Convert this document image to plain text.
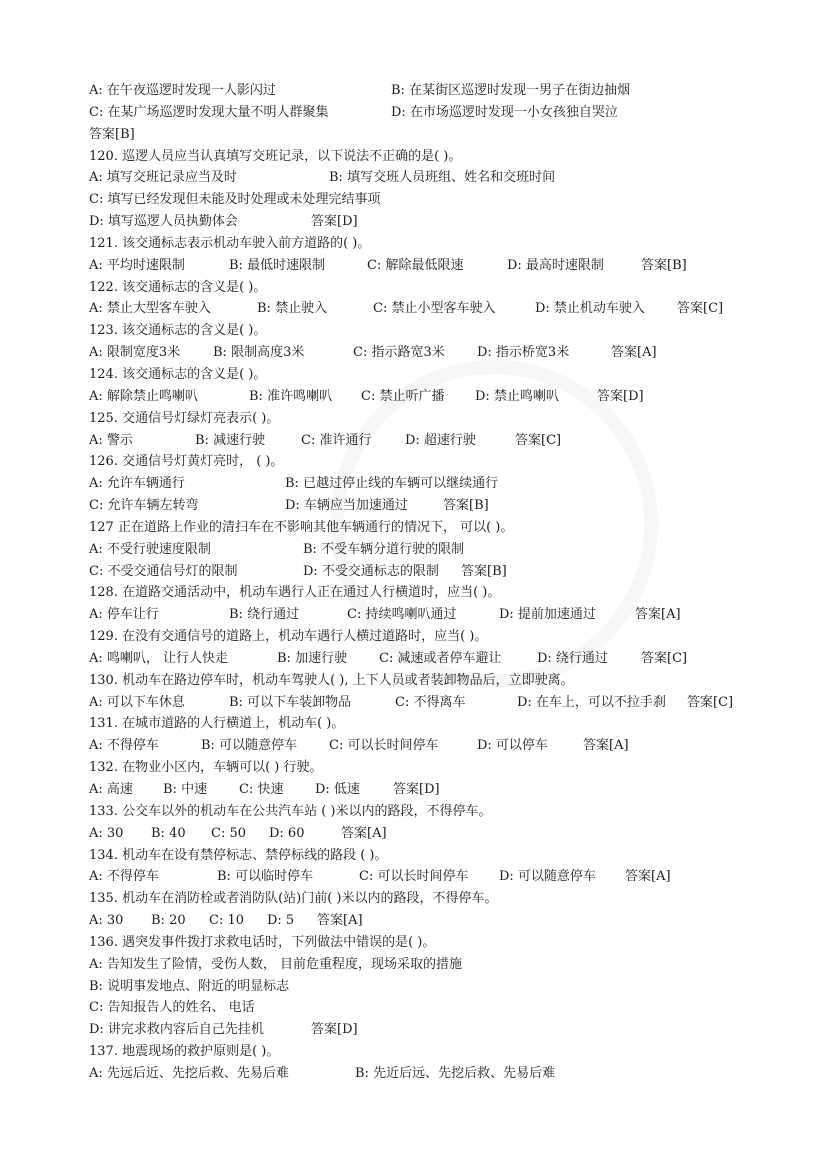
A: 在午夜巡逻时发现一人影闪过	B: 在某街区巡逻时发现一男子在街边抽烟
C: 在某广场巡逻时发现大量不明人群聚集	D: 在市场巡逻时发现一小女孩独自哭泣
答案[B]
120. 巡逻人员应当认真填写交班记录，以下说法不正确的是( )。
A: 填写交班记录应当及时	B: 填写交班人员班组、姓名和交班时间
C: 填写已经发现但未能及时处理或未处理完结事项
D: 填写巡逻人员执勤体会	答案[D]
121. 该交通标志表示机动车驶入前方道路的( )。
A: 平均时速限制	B: 最低时速限制	C: 解除最低限速	D: 最高时速限制	答案[B]
122. 该交通标志的含义是( )。
A: 禁止大型客车驶入	B: 禁止驶入	C: 禁止小型客车驶入	D: 禁止机动车驶入 答案[C]
123. 该交通标志的含义是( )。
A: 限制宽度3米	B: 限制高度3米	C: 指示路宽3米 D: 指示桥宽3米	答案[A]
124. 该交通标志的含义是( )。
A: 解除禁止鸣喇叭	B: 准许鸣喇叭 C: 禁止听广播 D: 禁止鸣喇叭	答案[D]
125. 交通信号灯绿灯亮表示( )。
A: 警示	B: 减速行驶	C: 准许通行	D: 超速行驶	答案[C]
126. 交通信号灯黄灯亮时， ( )。
A: 允许车辆通行	B: 已越过停止线的车辆可以继续通行
C: 允许车辆左转弯	D: 车辆应当加速通过	答案[B]
127 正在道路上作业的清扫车在不影响其他车辆通行的情况下， 可以( )。
A: 不受行驶速度限制	B: 不受车辆分道行驶的限制
C: 不受交通信号灯的限制	D: 不受交通标志的限制 答案[B]
128. 在道路交通活动中，机动车遇行人正在通过人行横道时，应当( )。
A: 停车让行	B: 绕行通过	C: 持续鸣喇叭通过	D: 提前加速通过	答案[A]
129. 在没有交通信号的道路上，机动车遇行人横过道路时，应当( )。
A: 鸣喇叭， 让行人快走	B: 加速行驶 C: 减速或者停车避让	D: 绕行通过	答案[C]
130. 机动车在路边停车时，机动车驾驶人( ), 上下人员或者装卸物品后，立即驶离。
A: 可以下车休息	B: 可以下车装卸物品	C: 不得离车	D: 在车上，可以不拉手刹 答案[C]
131. 在城市道路的人行横道上，机动车( )。
A: 不得停车	B: 可以随意停车 C: 可以长时间停车	D: 可以停车	答案[A]
132. 在物业小区内，车辆可以( ) 行驶。
A: 高速 B: 中速 C: 快速 D: 低速	答案[D]
133. 公交车以外的机动车在公共汽车站 ( )米以内的路段，不得停车。
A: 30 B: 40 C: 50 D: 60	答案[A]
134. 机动车在设有禁停标志、禁停标线的路段 ( )。
A: 不得停车	B: 可以临时停车	C: 可以长时间停车 D: 可以随意停车 答案[A]
135. 机动车在消防栓或者消防队(站)门前( )米以内的路段，不得停车。
A: 30 B: 20 C: 10 D: 5 答案[A]
136. 遇突发事件拨打求救电话时，下列做法中错误的是( )。
A: 告知发生了险情，受伤人数， 目前危重程度，现场采取的措施
B: 说明事发地点、附近的明显标志
C: 告知报告人的姓名、 电话
D: 讲完求救内容后自己先挂机	答案[D]
137. 地震现场的救护原则是( )。
A: 先远后近、先挖后救、先易后难	B: 先近后远、先挖后救、先易后难
